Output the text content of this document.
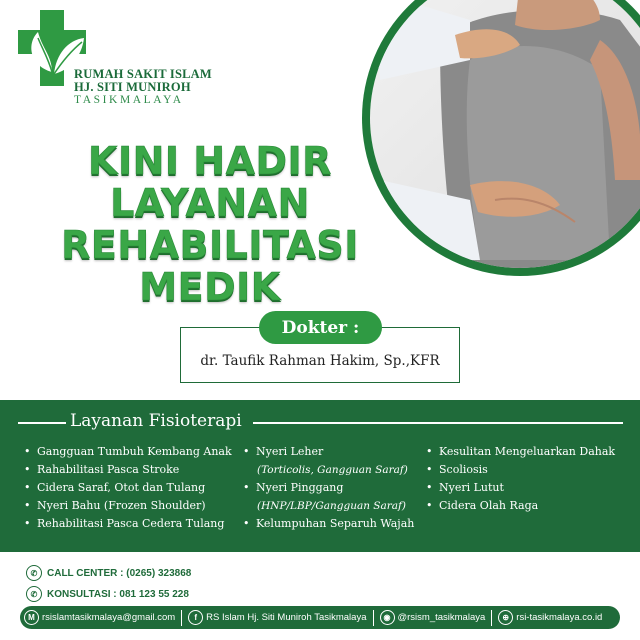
RUMAH SAKIT ISLAM
HJ. SITI MUNIROH
TASIKMALAYA
KINI HADIR
LAYANAN
REHABILITASI MEDIK
Dokter :
dr. Taufik Rahman Hakim, Sp.,KFR
Layanan Fisioterapi
• Gangguan Tumbuh Kembang Anak
• Rahabilitasi Pasca Stroke
• Cidera Saraf, Otot dan Tulang
• Nyeri Bahu (Frozen Shoulder)
• Rehabilitasi Pasca Cedera Tulang
• Nyeri Leher
(Torticolis, Gangguan Saraf)
• Nyeri Pinggang
(HNP/LBP/Gangguan Saraf)
• Kelumpuhan Separuh Wajah
• Kesulitan Mengeluarkan Dahak
• Scoliosis
• Nyeri Lutut
• Cidera Olah Raga
✆ CALL CENTER : (0265) 323868
✆ KONSULTASI : 081 123 55 228
M rsislamtasikmalaya@gmail.com	f RS Islam Hj. Siti Muniroh Tasikmalaya	◉ @rsism_tasikmalaya	⊕ rsi-tasikmalaya.co.id
